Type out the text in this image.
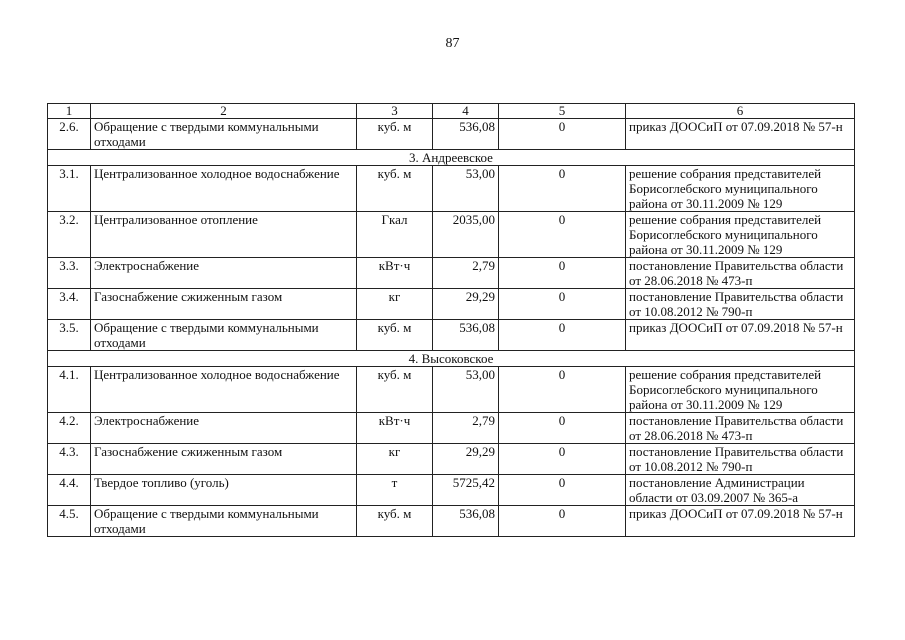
87
1	2	3	4	5	6
2.6.	Обращение с твердыми коммунальными отходами	куб. м	536,08	0	приказ ДООСиП от 07.09.2018 № 57-н
3. Андреевское					
3.1.	Централизованное холодное водоснабжение	куб. м	53,00	0	решение собрания представителей Борисоглебского муниципального района от 30.11.2009 № 129
3.2.	Централизованное отопление	Гкал	2035,00	0	решение собрания представителей Борисоглебского муниципального района от 30.11.2009 № 129
3.3.	Электроснабжение	кВт·ч	2,79	0	постановление Правительства области от 28.06.2018 № 473-п
3.4.	Газоснабжение сжиженным газом	кг	29,29	0	постановление Правительства области от 10.08.2012 № 790-п
3.5.	Обращение с твердыми коммунальными отходами	куб. м	536,08	0	приказ ДООСиП от 07.09.2018 № 57-н
4. Высоковское					
4.1.	Централизованное холодное водоснабжение	куб. м	53,00	0	решение собрания представителей Борисоглебского муниципального района от 30.11.2009 № 129
4.2.	Электроснабжение	кВт·ч	2,79	0	постановление Правительства области от 28.06.2018 № 473-п
4.3.	Газоснабжение сжиженным газом	кг	29,29	0	постановление Правительства области от 10.08.2012 № 790-п
4.4.	Твердое топливо (уголь)	т	5725,42	0	постановление Администрации области от 03.09.2007 № 365-а
4.5.	Обращение с твердыми коммунальными отходами	куб. м	536,08	0	приказ ДООСиП от 07.09.2018 № 57-н
